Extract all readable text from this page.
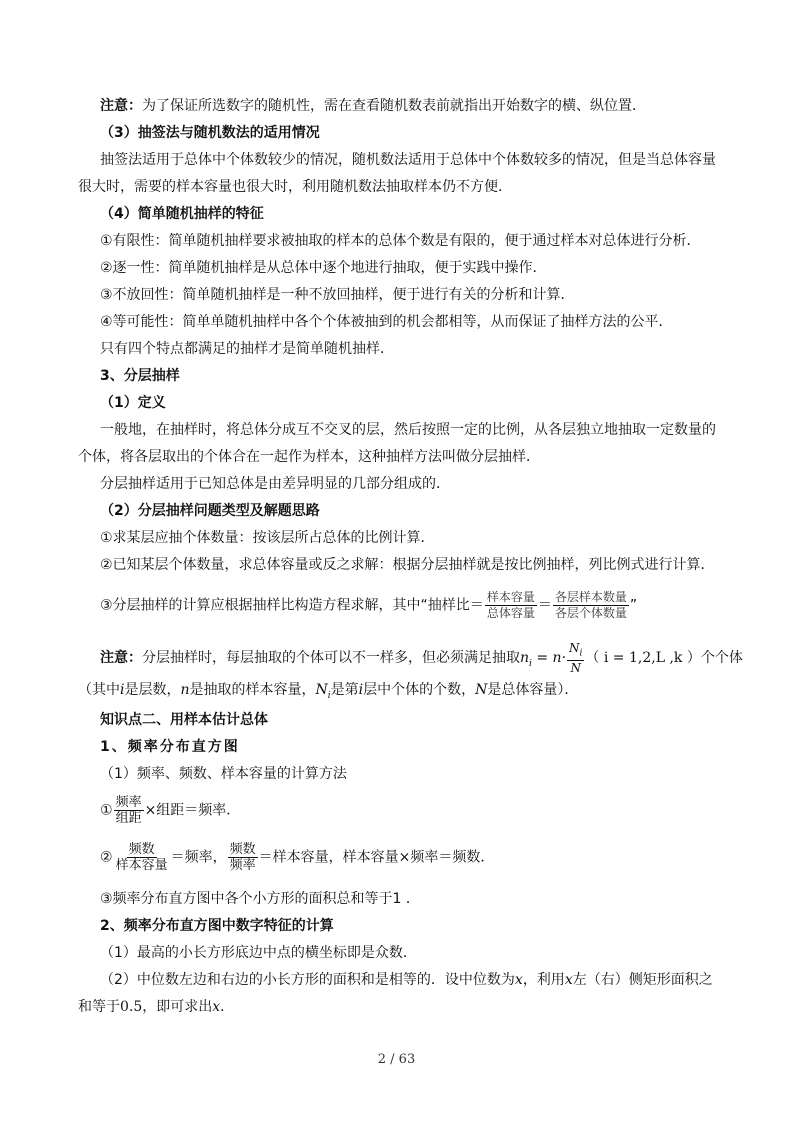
注意：为了保证所选数字的随机性，需在查看随机数表前就指出开始数字的横、纵位置．
（3）抽签法与随机数法的适用情况
抽签法适用于总体中个体数较少的情况，随机数法适用于总体中个体数较多的情况，但是当总体容量
很大时，需要的样本容量也很大时，利用随机数法抽取样本仍不方便．
（4）简单随机抽样的特征
①有限性：简单随机抽样要求被抽取的样本的总体个数是有限的，便于通过样本对总体进行分析．
②逐一性：简单随机抽样是从总体中逐个地进行抽取，便于实践中操作．
③不放回性：简单随机抽样是一种不放回抽样，便于进行有关的分析和计算．
④等可能性：简单单随机抽样中各个个体被抽到的机会都相等，从而保证了抽样方法的公平．
只有四个特点都满足的抽样才是简单随机抽样．
3、分层抽样
（1）定义
一般地，在抽样时，将总体分成互不交叉的层，然后按照一定的比例，从各层独立地抽取一定数量的
个体，将各层取出的个体合在一起作为样本，这种抽样方法叫做分层抽样．
分层抽样适用于已知总体是由差异明显的几部分组成的．
（2）分层抽样问题类型及解题思路
①求某层应抽个体数量：按该层所占总体的比例计算．
②已知某层个体数量，求总体容量或反之求解：根据分层抽样就是按比例抽样，列比例式进行计算．
③分层抽样的计算应根据抽样比构造方程求解，其中“抽样比＝ $\frac{\text{样本容量}}{\text{总体容量}} = \frac{\text{各层样本数量}}{\text{各层个体数量}}$ ”
注意：分层抽样时，每层抽取的个体可以不一样多，但必须满足抽取$n_i = n\cdot \frac{N_i}{N}$ （ i = 1,2,L ,k ）个个体
（其中i是层数，n是抽取的样本容量，$N_i$是第i层中个体的个数，N是总体容量）．
知识点二、用样本估计总体
1、频率分布直方图
（1）频率、频数、样本容量的计算方法
① $\frac{\text{频率}}{\text{组距}}$ ×组距＝频率．
② $\frac{\text{频数}}{\text{样本容量}}$ ＝频率， $\frac{\text{频数}}{\text{频率}}$ ＝样本容量，样本容量×频率＝频数．
③频率分布直方图中各个小方形的面积总和等于1 ．
2、频率分布直方图中数字特征的计算
（1）最高的小长方形底边中点的横坐标即是众数．
（2）中位数左边和右边的小长方形的面积和是相等的．设中位数为x，利用x左（右）侧矩形面积之
和等于0.5，即可求出x．
2 / 63
